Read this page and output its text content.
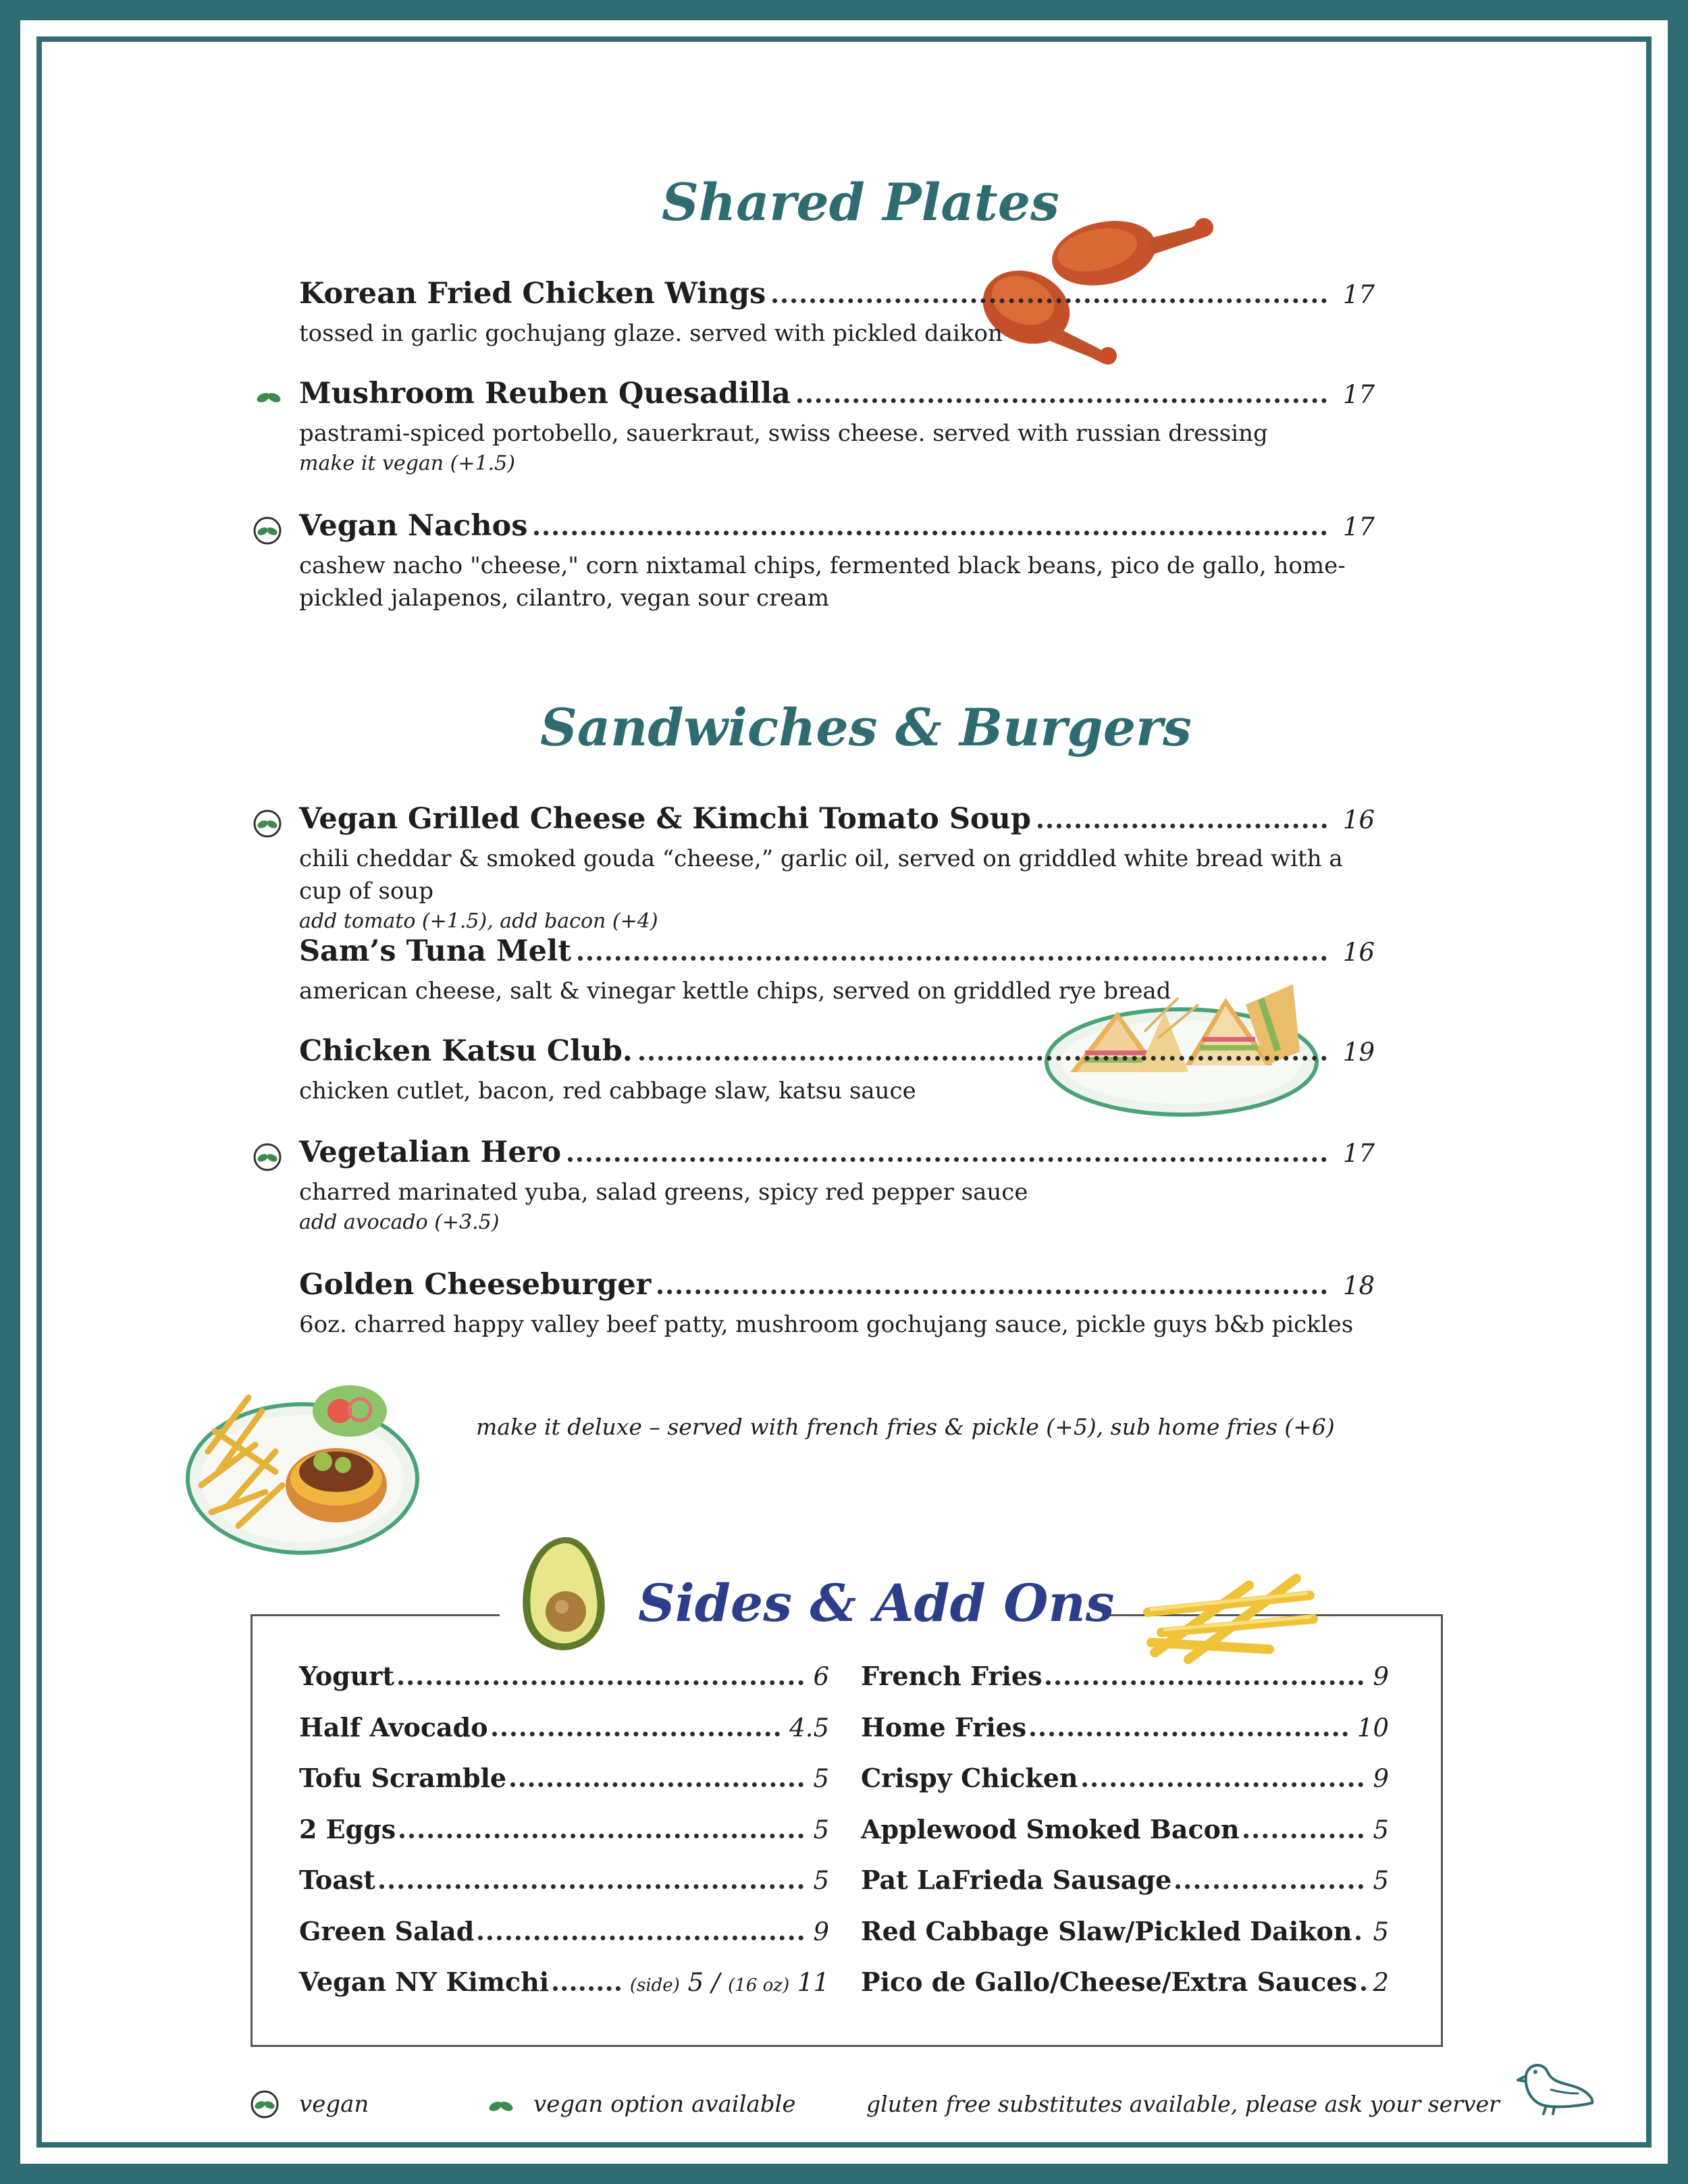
Shared Plates
Korean Fried Chicken Wings	17
tossed in garlic gochujang glaze. served with pickled daikon
Mushroom Reuben Quesadilla	17
pastrami-spiced portobello, sauerkraut, swiss cheese. served with russian dressing
make it vegan (+1.5)
Vegan Nachos	17
cashew nacho "cheese," corn nixtamal chips, fermented black beans, pico de gallo, home-pickled jalapenos, cilantro, vegan sour cream
Sandwiches & Burgers
Vegan Grilled Cheese & Kimchi Tomato Soup	16
chili cheddar & smoked gouda “cheese,” garlic oil, served on griddled white bread with a cup of soup
add tomato (+1.5), add bacon (+4)
Sam’s Tuna Melt	16
american cheese, salt & vinegar kettle chips, served on griddled rye bread
Chicken Katsu Club.	19
chicken cutlet, bacon, red cabbage slaw, katsu sauce
Vegetalian Hero	17
charred marinated yuba, salad greens, spicy red pepper sauce
add avocado (+3.5)
Golden Cheeseburger	18
6oz. charred happy valley beef patty, mushroom gochujang sauce, pickle guys b&b pickles
make it deluxe – served with french fries & pickle (+5), sub home fries (+6)
Sides & Add Ons
Yogurt	6
Half Avocado	4.5
Tofu Scramble	5
2 Eggs	5
Toast	5
Green Salad	9
Vegan NY Kimchi	(side) 5 / (16 oz) 11
French Fries	9
Home Fries	10
Crispy Chicken	9
Applewood Smoked Bacon	5
Pat LaFrieda Sausage	5
Red Cabbage Slaw/Pickled Daikon 5
Pico de Gallo/Cheese/Extra Sauces 2
vegan	vegan option available	gluten free substitutes available, please ask your server
